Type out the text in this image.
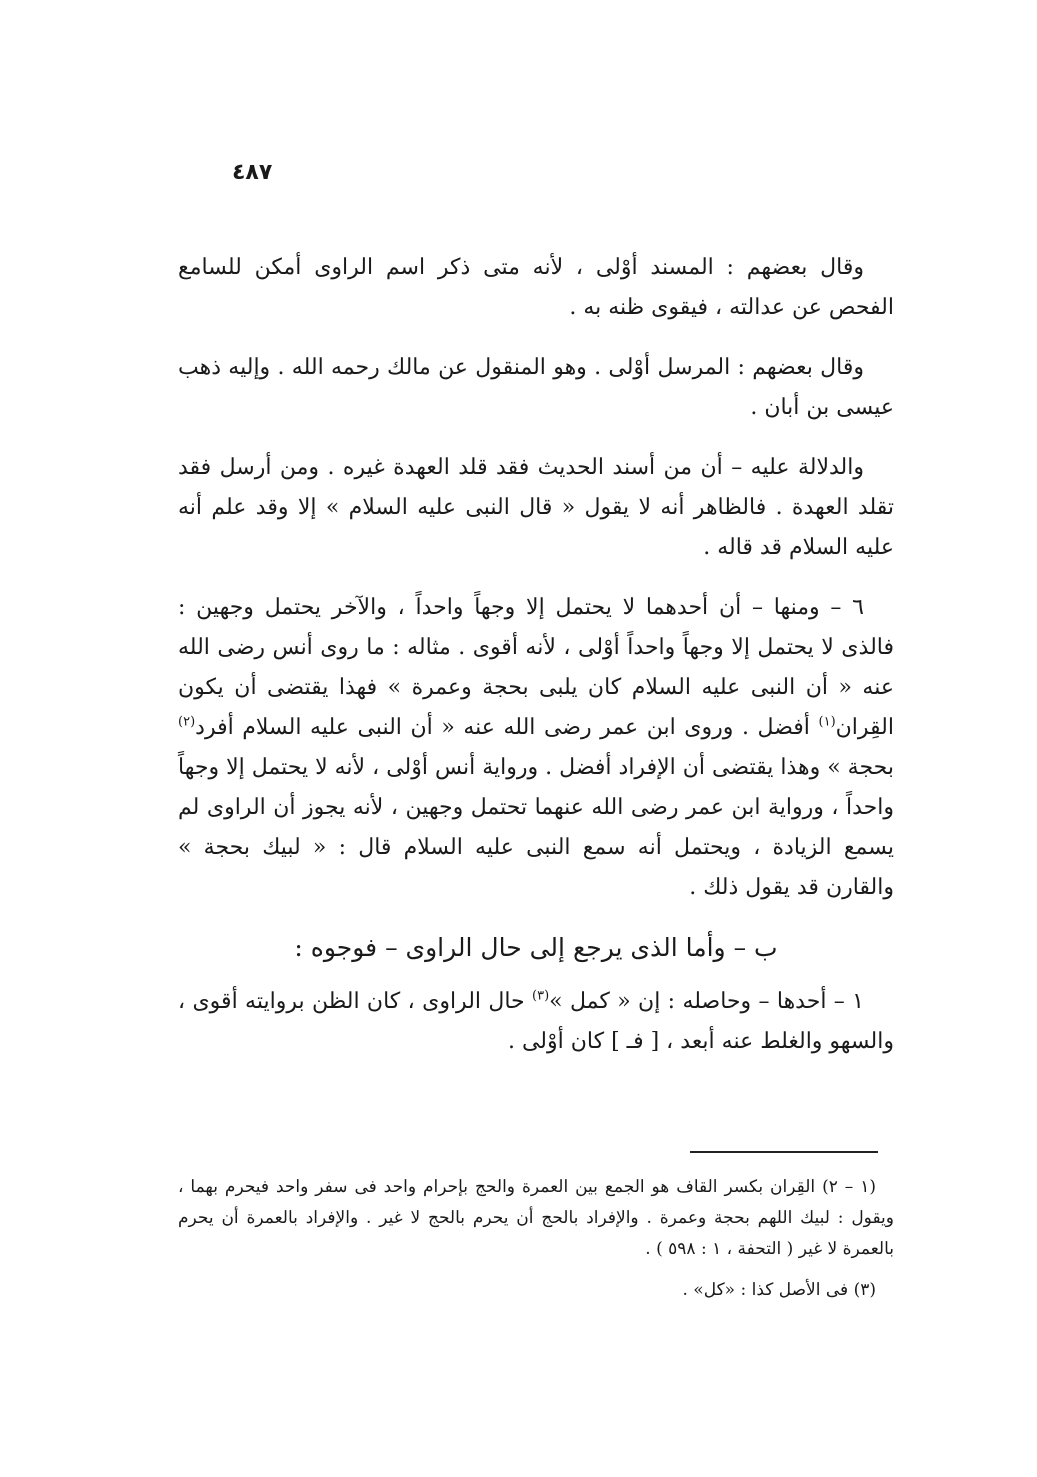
٤٨٧

وقال بعضهم : المسند أوْلى ، لأنه متى ذكر اسم الراوى أمكن للسامع الفحص عن عدالته ، فيقوى ظنه به .

وقال بعضهم : المرسل أوْلى . وهو المنقول عن مالك رحمه الله . وإليه ذهب عيسى بن أبان .

والدلالة عليه – أن من أسند الحديث فقد قلد العهدة غيره . ومن أرسل فقد تقلد العهدة . فالظاهر أنه لا يقول « قال النبى عليه السلام » إلا وقد علم أنه عليه السلام قد قاله .

٦ – ومنها – أن أحدهما لا يحتمل إلا وجهاً واحداً ، والآخر يحتمل وجهين : فالذى لا يحتمل إلا وجهاً واحداً أوْلى ، لأنه أقوى . مثاله : ما روى أنس رضى الله عنه « أن النبى عليه السلام كان يلبى بحجة وعمرة » فهذا يقتضى أن يكون القِران$^{(١)}$ أفضل . وروى ابن عمر رضى الله عنه « أن النبى عليه السلام أفرد$^{(٢)}$ بحجة » وهذا يقتضى أن الإفراد أفضل . ورواية أنس أوْلى ، لأنه لا يحتمل إلا وجهاً واحداً ، ورواية ابن عمر رضى الله عنهما تحتمل وجهين ، لأنه يجوز أن الراوى لم يسمع الزيادة ، ويحتمل أنه سمع النبى عليه السلام قال : « لبيك بحجة » والقارن قد يقول ذلك .

ب – وأما الذى يرجع إلى حال الراوى – فوجوه :

١ – أحدها – وحاصله : إن « كمل »$^{(٣)}$ حال الراوى ، كان الظن بروايته أقوى ، والسهو والغلط عنه أبعد ، [ فـ ] كان أوْلى .

(١ – ٢) القِران بكسر القاف هو الجمع بين العمرة والحج بإحرام واحد فى سفر واحد فيحرم بهما ، ويقول : لبيك اللهم بحجة وعمرة . والإفراد بالحج أن يحرم بالحج لا غير . والإفراد بالعمرة أن يحرم بالعمرة لا غير ( التحفة ، ١ : ٥٩٨ ) .

(٣) فى الأصل كذا : «كل» .
